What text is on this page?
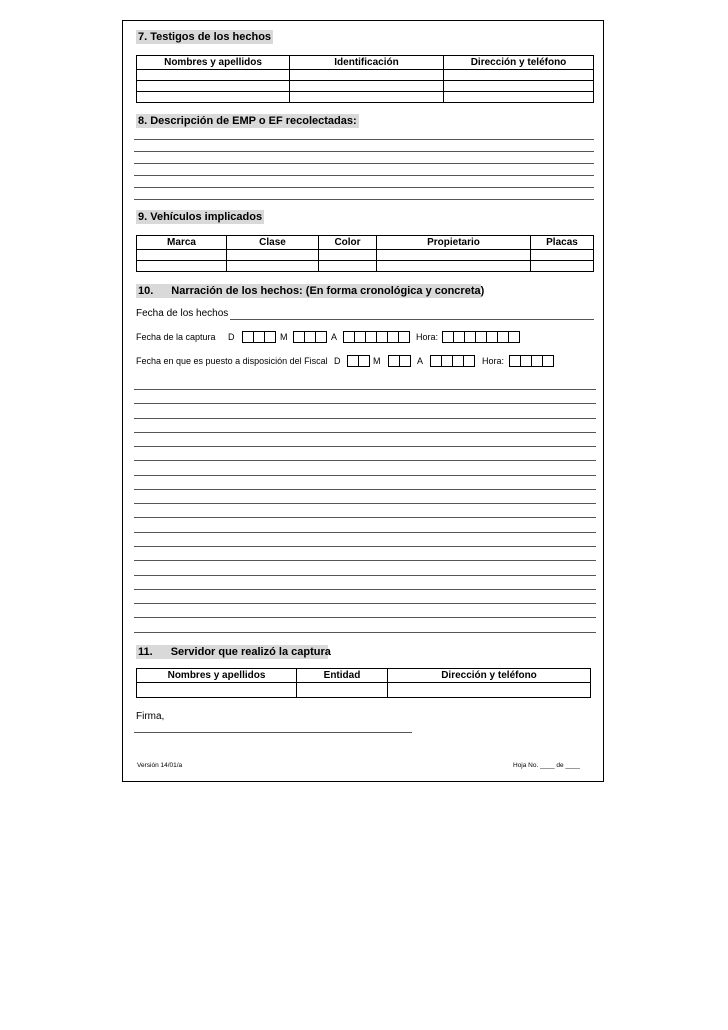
7. Testigos de los hechos
Nombres y apellidos	Identificación	Dirección y teléfono

8. Descripción de EMP o EF recolectadas:
9. Vehículos implicados
Marca	Clase	Color	Propietario	Placas

10. Narración de los hechos: (En forma cronológica y concreta)
Fecha de los hechos
Fecha de la captura D	M	A	Hora:
Fecha en que es puesto a disposición del Fiscal D	M	A	Hora:
11. Servidor que realizó la captura
Nombres y apellidos	Entidad	Dirección y teléfono

Firma,
Versión 14/01/a	Hoja No. ____ de ____
